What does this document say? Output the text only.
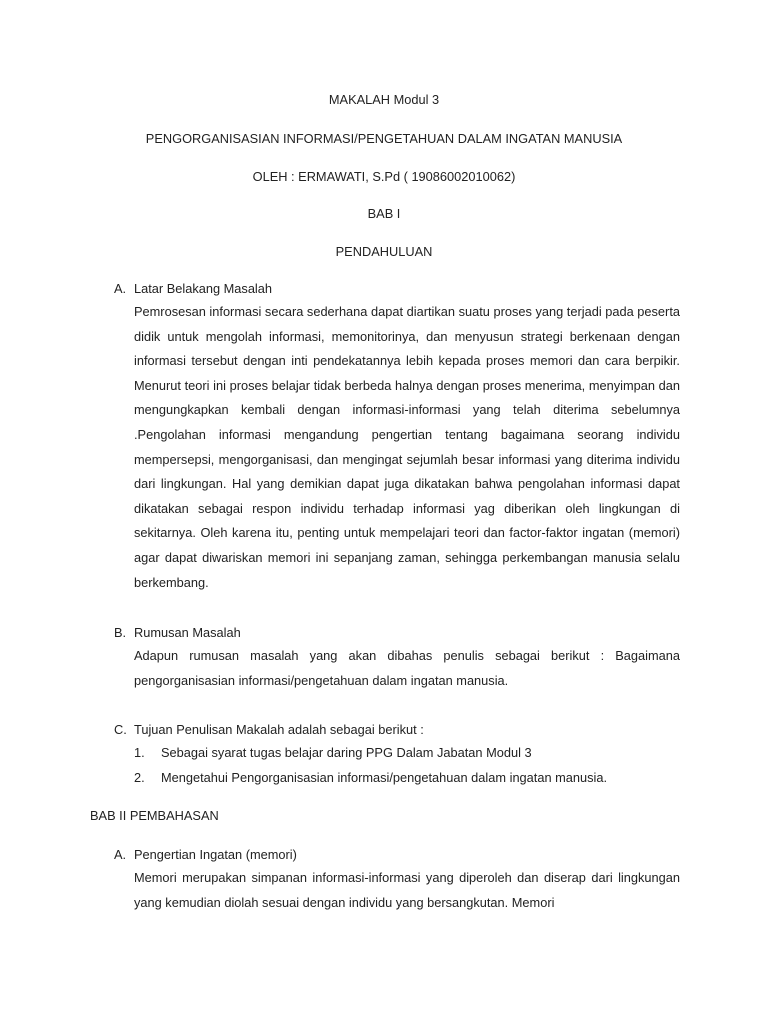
MAKALAH Modul 3
PENGORGANISASIAN INFORMASI/PENGETAHUAN DALAM INGATAN MANUSIA
OLEH : ERMAWATI, S.Pd ( 19086002010062)
BAB I
PENDAHULUAN
A. Latar Belakang Masalah

Pemrosesan informasi secara sederhana dapat diartikan suatu proses yang terjadi pada peserta didik untuk mengolah informasi, memonitorinya, dan menyusun strategi berkenaan dengan informasi tersebut dengan inti pendekatannya lebih kepada proses memori dan cara berpikir. Menurut teori ini proses belajar tidak berbeda halnya dengan proses menerima, menyimpan dan mengungkapkan kembali dengan informasi-informasi yang telah diterima sebelumnya .Pengolahan informasi mengandung pengertian tentang bagaimana seorang individu mempersepsi, mengorganisasi, dan mengingat sejumlah besar informasi yang diterima individu dari lingkungan. Hal yang demikian dapat juga dikatakan bahwa pengolahan informasi dapat dikatakan sebagai respon individu terhadap informasi yag diberikan oleh lingkungan di sekitarnya. Oleh karena itu, penting untuk mempelajari teori dan factor-faktor ingatan (memori) agar dapat diwariskan memori ini sepanjang zaman, sehingga perkembangan manusia selalu berkembang.

B. Rumusan Masalah

Adapun rumusan masalah yang akan dibahas penulis sebagai berikut : Bagaimana pengorganisasian informasi/pengetahuan dalam ingatan manusia.

C. Tujuan Penulisan Makalah adalah sebagai berikut :
1. Sebagai syarat tugas belajar daring PPG Dalam Jabatan Modul 3
2. Mengetahui Pengorganisasian informasi/pengetahuan dalam ingatan manusia.
BAB II PEMBAHASAN
A. Pengertian Ingatan (memori)

Memori merupakan simpanan informasi-informasi yang diperoleh dan diserap dari lingkungan yang kemudian diolah sesuai dengan individu yang bersangkutan. Memori
